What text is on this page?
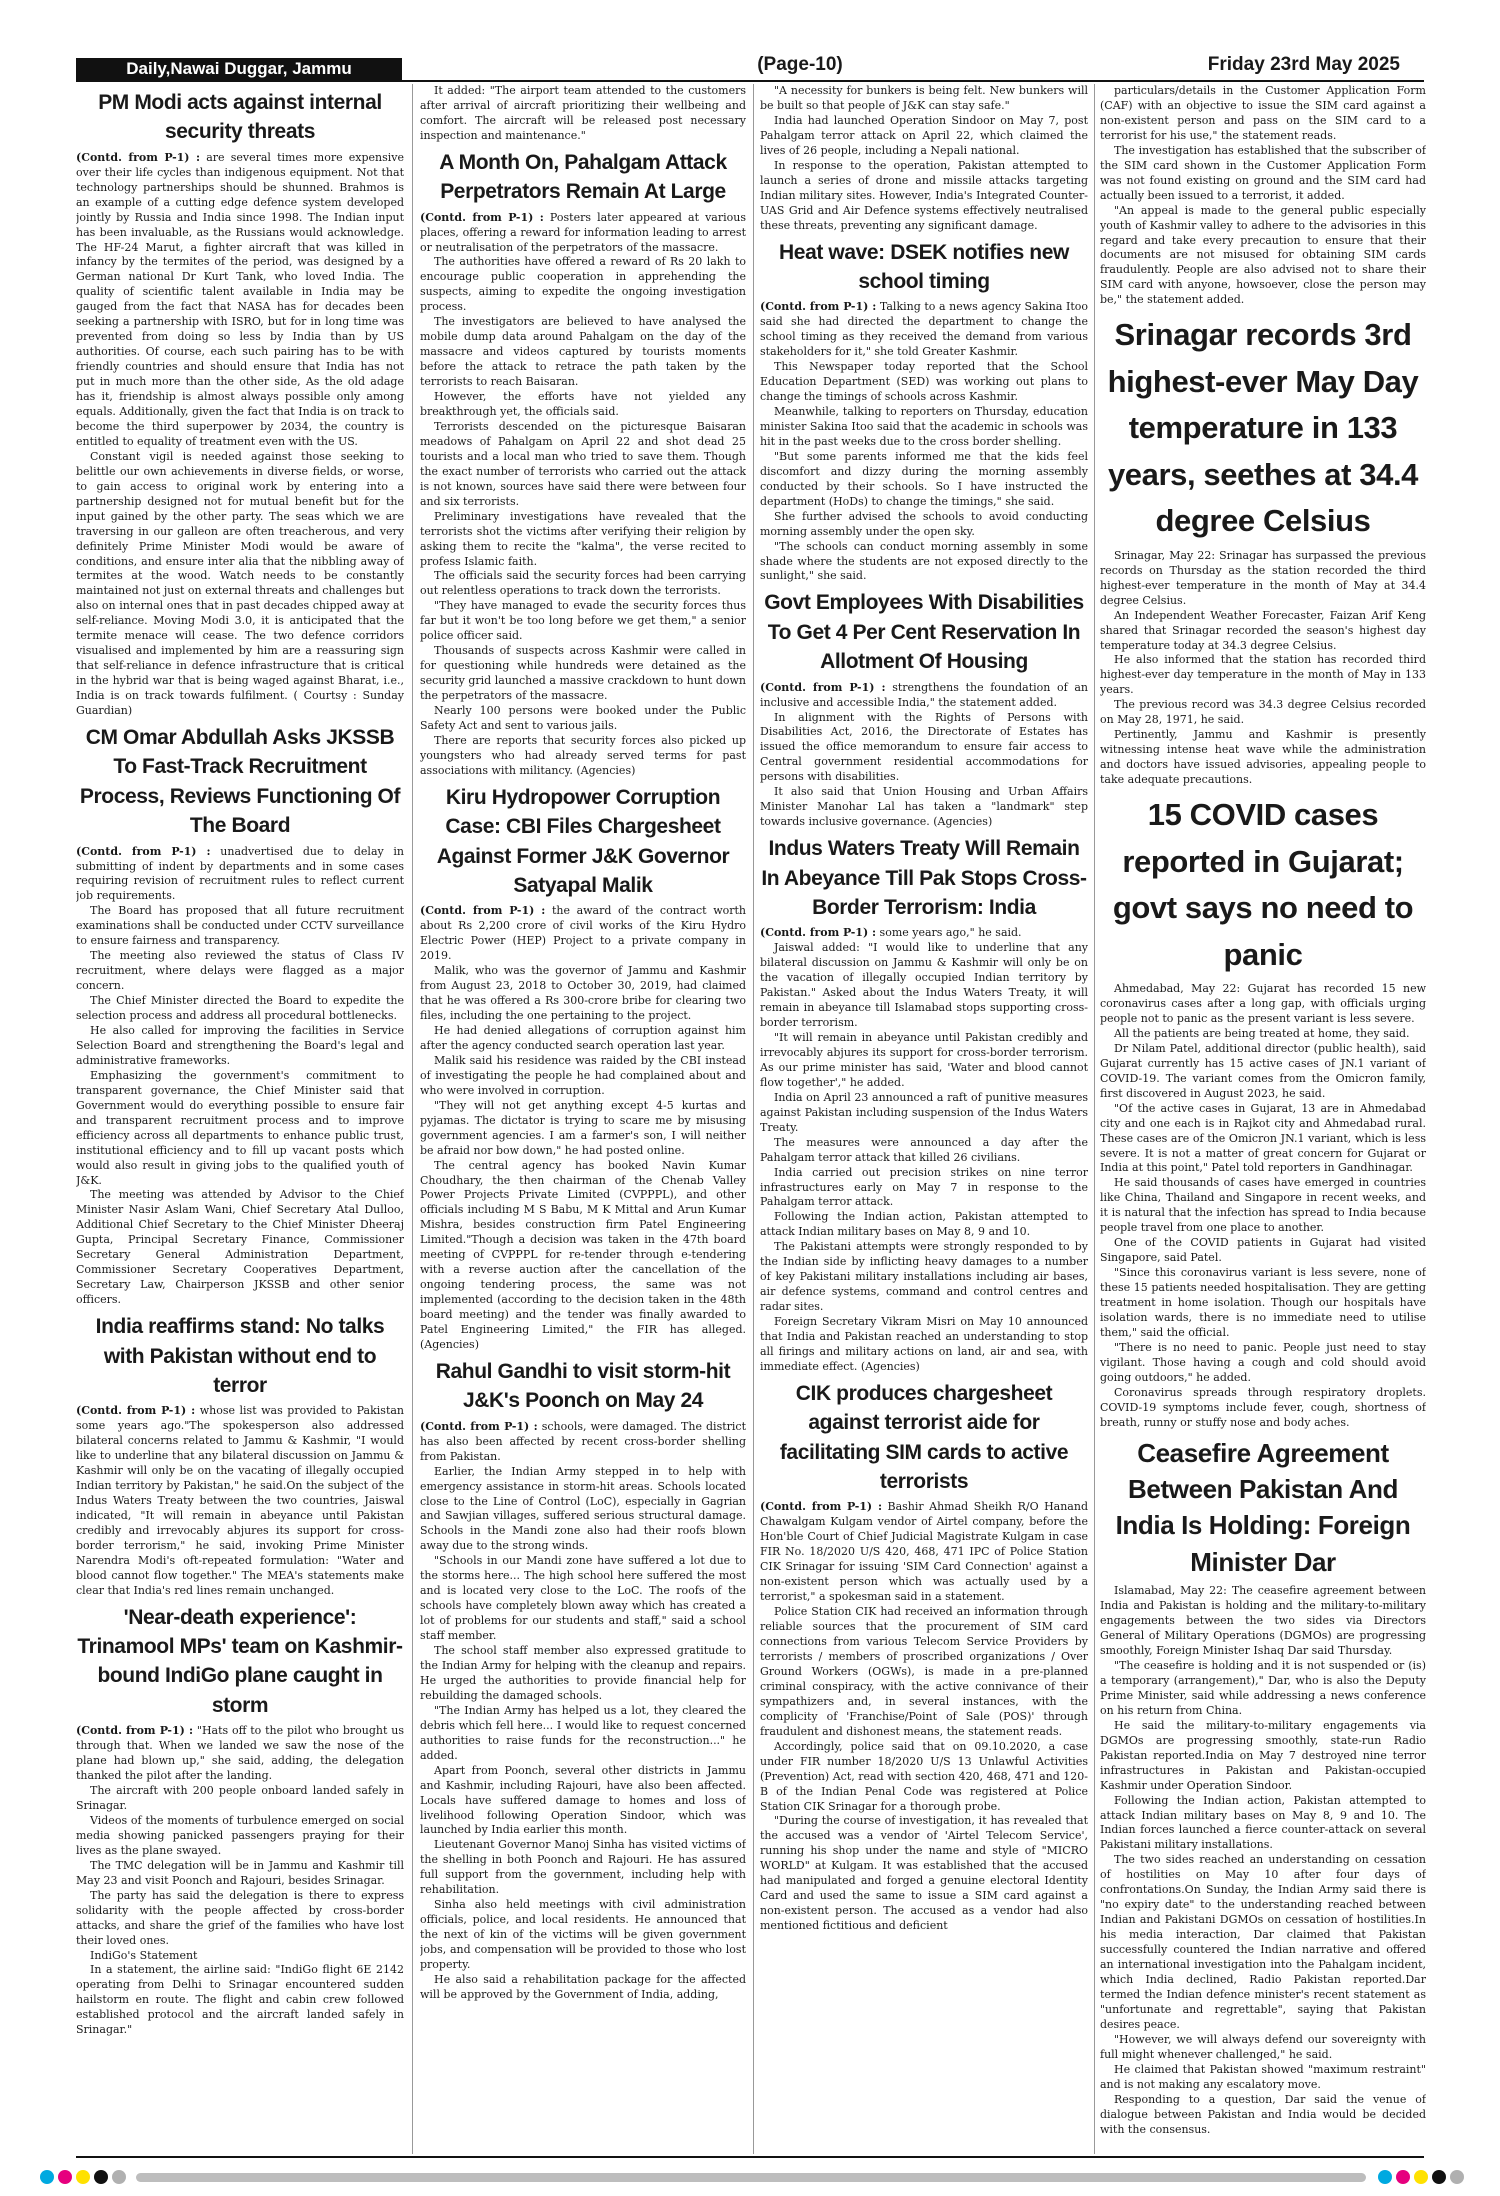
Daily,Nawai Duggar, Jammu	(Page-10)	Friday 23rd May 2025
PM Modi acts against internal security threats

(Contd. from P-1) : are several times more expensive over their life cycles than indigenous equipment. Not that technology partnerships should be shunned. Brahmos is an example of a cutting edge defence system developed jointly by Russia and India since 1998. The Indian input has been invaluable, as the Russians would acknowledge. The HF-24 Marut, a fighter aircraft that was killed in infancy by the termites of the period, was designed by a German national Dr Kurt Tank, who loved India. The quality of scientific talent available in India may be gauged from the fact that NASA has for decades been seeking a partnership with ISRO, but for in long time was prevented from doing so less by India than by US authorities. Of course, each such pairing has to be with friendly countries and should ensure that India has not put in much more than the other side, As the old adage has it, friendship is almost always possible only among equals. Additionally, given the fact that India is on track to become the third superpower by 2034, the country is entitled to equality of treatment even with the US.

Constant vigil is needed against those seeking to belittle our own achievements in diverse fields, or worse, to gain access to original work by entering into a partnership designed not for mutual benefit but for the input gained by the other party. The seas which we are traversing in our galleon are often treacherous, and very definitely Prime Minister Modi would be aware of conditions, and ensure inter alia that the nibbling away of termites at the wood. Watch needs to be constantly maintained not just on external threats and challenges but also on internal ones that in past decades chipped away at self-reliance. Moving Modi 3.0, it is anticipated that the termite menace will cease. The two defence corridors visualised and implemented by him are a reassuring sign that self-reliance in defence infrastructure that is critical in the hybrid war that is being waged against Bharat, i.e., India is on track towards fulfilment. ( Courtsy : Sunday Guardian)

CM Omar Abdullah Asks JKSSB To Fast-Track Recruitment Process, Reviews Functioning Of The Board

(Contd. from P-1) : unadvertised due to delay in submitting of indent by departments and in some cases requiring revision of recruitment rules to reflect current job requirements.

The Board has proposed that all future recruitment examinations shall be conducted under CCTV surveillance to ensure fairness and transparency.

The meeting also reviewed the status of Class IV recruitment, where delays were flagged as a major concern.

The Chief Minister directed the Board to expedite the selection process and address all procedural bottlenecks.

He also called for improving the facilities in Service Selection Board and strengthening the Board's legal and administrative frameworks.

Emphasizing the government's commitment to transparent governance, the Chief Minister said that Government would do everything possible to ensure fair and transparent recruitment process and to improve efficiency across all departments to enhance public trust, institutional efficiency and to fill up vacant posts which would also result in giving jobs to the qualified youth of J&K.

The meeting was attended by Advisor to the Chief Minister Nasir Aslam Wani, Chief Secretary Atal Dulloo, Additional Chief Secretary to the Chief Minister Dheeraj Gupta, Principal Secretary Finance, Commissioner Secretary General Administration Department, Commissioner Secretary Cooperatives Department, Secretary Law, Chairperson JKSSB and other senior officers.

India reaffirms stand: No talks with Pakistan without end to terror

(Contd. from P-1) : whose list was provided to Pakistan some years ago."The spokesperson also addressed bilateral concerns related to Jammu & Kashmir, "I would like to underline that any bilateral discussion on Jammu & Kashmir will only be on the vacating of illegally occupied Indian territory by Pakistan," he said.On the subject of the Indus Waters Treaty between the two countries, Jaiswal indicated, "It will remain in abeyance until Pakistan credibly and irrevocably abjures its support for cross-border terrorism," he said, invoking Prime Minister Narendra Modi's oft-repeated formulation: "Water and blood cannot flow together." The MEA's statements make clear that India's red lines remain unchanged.

'Near-death experience': Trinamool MPs' team on Kashmir-bound IndiGo plane caught in storm

(Contd. from P-1) : "Hats off to the pilot who brought us through that. When we landed we saw the nose of the plane had blown up," she said, adding, the delegation thanked the pilot after the landing.

The aircraft with 200 people onboard landed safely in Srinagar.

Videos of the moments of turbulence emerged on social media showing panicked passengers praying for their lives as the plane swayed.

The TMC delegation will be in Jammu and Kashmir till May 23 and visit Poonch and Rajouri, besides Srinagar.

The party has said the delegation is there to express solidarity with the people affected by cross-border attacks, and share the grief of the families who have lost their loved ones.

IndiGo's Statement

In a statement, the airline said: "IndiGo flight 6E 2142 operating from Delhi to Srinagar encountered sudden hailstorm en route. The flight and cabin crew followed established protocol and the aircraft landed safely in Srinagar."

It added: "The airport team attended to the customers after arrival of aircraft prioritizing their wellbeing and comfort. The aircraft will be released post necessary inspection and maintenance."

A Month On, Pahalgam Attack Perpetrators Remain At Large

(Contd. from P-1) : Posters later appeared at various places, offering a reward for information leading to arrest or neutralisation of the perpetrators of the massacre.

The authorities have offered a reward of Rs 20 lakh to encourage public cooperation in apprehending the suspects, aiming to expedite the ongoing investigation process.

The investigators are believed to have analysed the mobile dump data around Pahalgam on the day of the massacre and videos captured by tourists moments before the attack to retrace the path taken by the terrorists to reach Baisaran.

However, the efforts have not yielded any breakthrough yet, the officials said.

Terrorists descended on the picturesque Baisaran meadows of Pahalgam on April 22 and shot dead 25 tourists and a local man who tried to save them. Though the exact number of terrorists who carried out the attack is not known, sources have said there were between four and six terrorists.

Preliminary investigations have revealed that the terrorists shot the victims after verifying their religion by asking them to recite the "kalma", the verse recited to profess Islamic faith.

The officials said the security forces had been carrying out relentless operations to track down the terrorists.

"They have managed to evade the security forces thus far but it won't be too long before we get them," a senior police officer said.

Thousands of suspects across Kashmir were called in for questioning while hundreds were detained as the security grid launched a massive crackdown to hunt down the perpetrators of the massacre.

Nearly 100 persons were booked under the Public Safety Act and sent to various jails.

There are reports that security forces also picked up youngsters who had already served terms for past associations with militancy. (Agencies)

Kiru Hydropower Corruption Case: CBI Files Chargesheet Against Former J&K Governor Satyapal Malik

(Contd. from P-1) : the award of the contract worth about Rs 2,200 crore of civil works of the Kiru Hydro Electric Power (HEP) Project to a private company in 2019.

Malik, who was the governor of Jammu and Kashmir from August 23, 2018 to October 30, 2019, had claimed that he was offered a Rs 300-crore bribe for clearing two files, including the one pertaining to the project.

He had denied allegations of corruption against him after the agency conducted search operation last year.

Malik said his residence was raided by the CBI instead of investigating the people he had complained about and who were involved in corruption.

"They will not get anything except 4-5 kurtas and pyjamas. The dictator is trying to scare me by misusing government agencies. I am a farmer's son, I will neither be afraid nor bow down," he had posted online.

The central agency has booked Navin Kumar Choudhary, the then chairman of the Chenab Valley Power Projects Private Limited (CVPPPL), and other officials including M S Babu, M K Mittal and Arun Kumar Mishra, besides construction firm Patel Engineering Limited."Though a decision was taken in the 47th board meeting of CVPPPL for re-tender through e-tendering with a reverse auction after the cancellation of the ongoing tendering process, the same was not implemented (according to the decision taken in the 48th board meeting) and the tender was finally awarded to Patel Engineering Limited," the FIR has alleged. (Agencies)

Rahul Gandhi to visit storm-hit J&K's Poonch on May 24

(Contd. from P-1) : schools, were damaged. The district has also been affected by recent cross-border shelling from Pakistan.

Earlier, the Indian Army stepped in to help with emergency assistance in storm-hit areas. Schools located close to the Line of Control (LoC), especially in Gagrian and Sawjian villages, suffered serious structural damage. Schools in the Mandi zone also had their roofs blown away due to the strong winds.

"Schools in our Mandi zone have suffered a lot due to the storms here... The high school here suffered the most and is located very close to the LoC. The roofs of the schools have completely blown away which has created a lot of problems for our students and staff," said a school staff member.

The school staff member also expressed gratitude to the Indian Army for helping with the cleanup and repairs. He urged the authorities to provide financial help for rebuilding the damaged schools.

"The Indian Army has helped us a lot, they cleared the debris which fell here... I would like to request concerned authorities to raise funds for the reconstruction..." he added.

Apart from Poonch, several other districts in Jammu and Kashmir, including Rajouri, have also been affected. Locals have suffered damage to homes and loss of livelihood following Operation Sindoor, which was launched by India earlier this month.

Lieutenant Governor Manoj Sinha has visited victims of the shelling in both Poonch and Rajouri. He has assured full support from the government, including help with rehabilitation.

Sinha also held meetings with civil administration officials, police, and local residents. He announced that the next of kin of the victims will be given government jobs, and compensation will be provided to those who lost property.

He also said a rehabilitation package for the affected will be approved by the Government of India, adding,

"A necessity for bunkers is being felt. New bunkers will be built so that people of J&K can stay safe."

India had launched Operation Sindoor on May 7, post Pahalgam terror attack on April 22, which claimed the lives of 26 people, including a Nepali national.

In response to the operation, Pakistan attempted to launch a series of drone and missile attacks targeting Indian military sites. However, India's Integrated Counter-UAS Grid and Air Defence systems effectively neutralised these threats, preventing any significant damage.

Heat wave: DSEK notifies new school timing

(Contd. from P-1) : Talking to a news agency Sakina Itoo said she had directed the department to change the school timing as they received the demand from various stakeholders for it," she told Greater Kashmir.

This Newspaper today reported that the School Education Department (SED) was working out plans to change the timings of schools across Kashmir.

Meanwhile, talking to reporters on Thursday, education minister Sakina Itoo said that the academic in schools was hit in the past weeks due to the cross border shelling.

"But some parents informed me that the kids feel discomfort and dizzy during the morning assembly conducted by their schools. So I have instructed the department (HoDs) to change the timings," she said.

She further advised the schools to avoid conducting morning assembly under the open sky.

"The schools can conduct morning assembly in some shade where the students are not exposed directly to the sunlight," she said.

Govt Employees With Disabilities To Get 4 Per Cent Reservation In Allotment Of Housing

(Contd. from P-1) : strengthens the foundation of an inclusive and accessible India," the statement added.

In alignment with the Rights of Persons with Disabilities Act, 2016, the Directorate of Estates has issued the office memorandum to ensure fair access to Central government residential accommodations for persons with disabilities.

It also said that Union Housing and Urban Affairs Minister Manohar Lal has taken a "landmark" step towards inclusive governance. (Agencies)

Indus Waters Treaty Will Remain In Abeyance Till Pak Stops Cross-Border Terrorism: India

(Contd. from P-1) : some years ago," he said.

Jaiswal added: "I would like to underline that any bilateral discussion on Jammu & Kashmir will only be on the vacation of illegally occupied Indian territory by Pakistan." Asked about the Indus Waters Treaty, it will remain in abeyance till Islamabad stops supporting cross-border terrorism.

"It will remain in abeyance until Pakistan credibly and irrevocably abjures its support for cross-border terrorism. As our prime minister has said, 'Water and blood cannot flow together'," he added.

India on April 23 announced a raft of punitive measures against Pakistan including suspension of the Indus Waters Treaty.

The measures were announced a day after the Pahalgam terror attack that killed 26 civilians.

India carried out precision strikes on nine terror infrastructures early on May 7 in response to the Pahalgam terror attack.

Following the Indian action, Pakistan attempted to attack Indian military bases on May 8, 9 and 10.

The Pakistani attempts were strongly responded to by the Indian side by inflicting heavy damages to a number of key Pakistani military installations including air bases, air defence systems, command and control centres and radar sites.

Foreign Secretary Vikram Misri on May 10 announced that India and Pakistan reached an understanding to stop all firings and military actions on land, air and sea, with immediate effect. (Agencies)

CIK produces chargesheet against terrorist aide for facilitating SIM cards to active terrorists

(Contd. from P-1) : Bashir Ahmad Sheikh R/O Hanand Chawalgam Kulgam vendor of Airtel company, before the Hon'ble Court of Chief Judicial Magistrate Kulgam in case FIR No. 18/2020 U/S 420, 468, 471 IPC of Police Station CIK Srinagar for issuing 'SIM Card Connection' against a non-existent person which was actually used by a terrorist," a spokesman said in a statement.

Police Station CIK had received an information through reliable sources that the procurement of SIM card connections from various Telecom Service Providers by terrorists / members of proscribed organizations / Over Ground Workers (OGWs), is made in a pre-planned criminal conspiracy, with the active connivance of their sympathizers and, in several instances, with the complicity of 'Franchise/Point of Sale (POS)' through fraudulent and dishonest means, the statement reads.

Accordingly, police said that on 09.10.2020, a case under FIR number 18/2020 U/S 13 Unlawful Activities (Prevention) Act, read with section 420, 468, 471 and 120-B of the Indian Penal Code was registered at Police Station CIK Srinagar for a thorough probe.

"During the course of investigation, it has revealed that the accused was a vendor of 'Airtel Telecom Service', running his shop under the name and style of "MICRO WORLD" at Kulgam. It was established that the accused had manipulated and forged a genuine electoral Identity Card and used the same to issue a SIM card against a non-existent person. The accused as a vendor had also mentioned fictitious and deficient

particulars/details in the Customer Application Form (CAF) with an objective to issue the SIM card against a non-existent person and pass on the SIM card to a terrorist for his use," the statement reads.

The investigation has established that the subscriber of the SIM card shown in the Customer Application Form was not found existing on ground and the SIM card had actually been issued to a terrorist, it added.

"An appeal is made to the general public especially youth of Kashmir valley to adhere to the advisories in this regard and take every precaution to ensure that their documents are not misused for obtaining SIM cards fraudulently. People are also advised not to share their SIM card with anyone, howsoever, close the person may be," the statement added.

Srinagar records 3rd highest-ever May Day temperature in 133 years, seethes at 34.4 degree Celsius

Srinagar, May 22: Srinagar has surpassed the previous records on Thursday as the station recorded the third highest-ever temperature in the month of May at 34.4 degree Celsius.

An Independent Weather Forecaster, Faizan Arif Keng shared that Srinagar recorded the season's highest day temperature today at 34.3 degree Celsius.

He also informed that the station has recorded third highest-ever day temperature in the month of May in 133 years.

The previous record was 34.3 degree Celsius recorded on May 28, 1971, he said.

Pertinently, Jammu and Kashmir is presently witnessing intense heat wave while the administration and doctors have issued advisories, appealing people to take adequate precautions.

15 COVID cases reported in Gujarat; govt says no need to panic

Ahmedabad, May 22: Gujarat has recorded 15 new coronavirus cases after a long gap, with officials urging people not to panic as the present variant is less severe.

All the patients are being treated at home, they said.

Dr Nilam Patel, additional director (public health), said Gujarat currently has 15 active cases of JN.1 variant of COVID-19. The variant comes from the Omicron family, first discovered in August 2023, he said.

"Of the active cases in Gujarat, 13 are in Ahmedabad city and one each is in Rajkot city and Ahmedabad rural. These cases are of the Omicron JN.1 variant, which is less severe. It is not a matter of great concern for Gujarat or India at this point," Patel told reporters in Gandhinagar.

He said thousands of cases have emerged in countries like China, Thailand and Singapore in recent weeks, and it is natural that the infection has spread to India because people travel from one place to another.

One of the COVID patients in Gujarat had visited Singapore, said Patel.

"Since this coronavirus variant is less severe, none of these 15 patients needed hospitalisation. They are getting treatment in home isolation. Though our hospitals have isolation wards, there is no immediate need to utilise them," said the official.

"There is no need to panic. People just need to stay vigilant. Those having a cough and cold should avoid going outdoors," he added.

Coronavirus spreads through respiratory droplets. COVID-19 symptoms include fever, cough, shortness of breath, runny or stuffy nose and body aches.

Ceasefire Agreement Between Pakistan And India Is Holding: Foreign Minister Dar

Islamabad, May 22: The ceasefire agreement between India and Pakistan is holding and the military-to-military engagements between the two sides via Directors General of Military Operations (DGMOs) are progressing smoothly, Foreign Minister Ishaq Dar said Thursday.

"The ceasefire is holding and it is not suspended or (is) a temporary (arrangement)," Dar, who is also the Deputy Prime Minister, said while addressing a news conference on his return from China.

He said the military-to-military engagements via DGMOs are progressing smoothly, state-run Radio Pakistan reported.India on May 7 destroyed nine terror infrastructures in Pakistan and Pakistan-occupied Kashmir under Operation Sindoor.

Following the Indian action, Pakistan attempted to attack Indian military bases on May 8, 9 and 10. The Indian forces launched a fierce counter-attack on several Pakistani military installations.

The two sides reached an understanding on cessation of hostilities on May 10 after four days of confrontations.On Sunday, the Indian Army said there is "no expiry date" to the understanding reached between Indian and Pakistani DGMOs on cessation of hostilities.In his media interaction, Dar claimed that Pakistan successfully countered the Indian narrative and offered an international investigation into the Pahalgam incident, which India declined, Radio Pakistan reported.Dar termed the Indian defence minister's recent statement as "unfortunate and regrettable", saying that Pakistan desires peace.

"However, we will always defend our sovereignty with full might whenever challenged," he said.

He claimed that Pakistan showed "maximum restraint" and is not making any escalatory move.

Responding to a question, Dar said the venue of dialogue between Pakistan and India would be decided with the consensus.
